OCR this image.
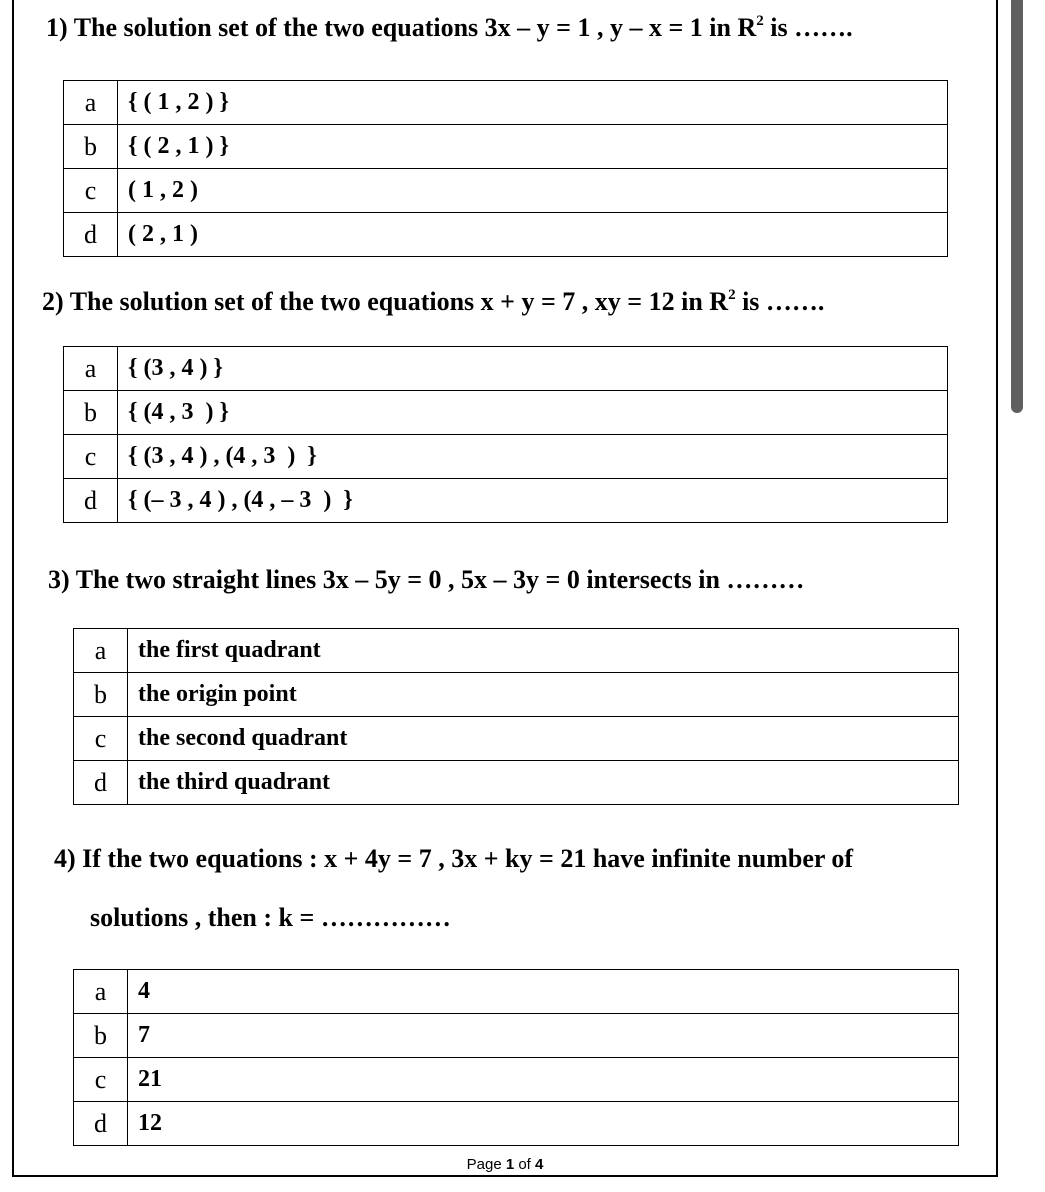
1) The solution set of the two equations 3x – y = 1 , y – x = 1 in $R^2$ is …….
a	{ ( 1 , 2 ) }
b	{ ( 2 , 1 ) }
c	( 1 , 2 )
d	( 2 , 1 )
2) The solution set of the two equations x + y = 7 , xy = 12 in $R^2$ is …….
a	{ (3 , 4 ) }
b	{ (4 , 3  ) }
c	{ (3 , 4 ) , (4 , 3  )  }
d	{ (– 3 , 4 ) , (4 , – 3  )  }
3) The two straight lines 3x – 5y = 0 , 5x – 3y = 0 intersects in ………
a	the first quadrant
b	the origin point
c	the second quadrant
d	the third quadrant
4) If the two equations : x + 4y = 7 , 3x + ky = 21 have infinite number of
solutions , then : k = ……………
a	4
b	7
c	21
d	12
Page 1 of 4
